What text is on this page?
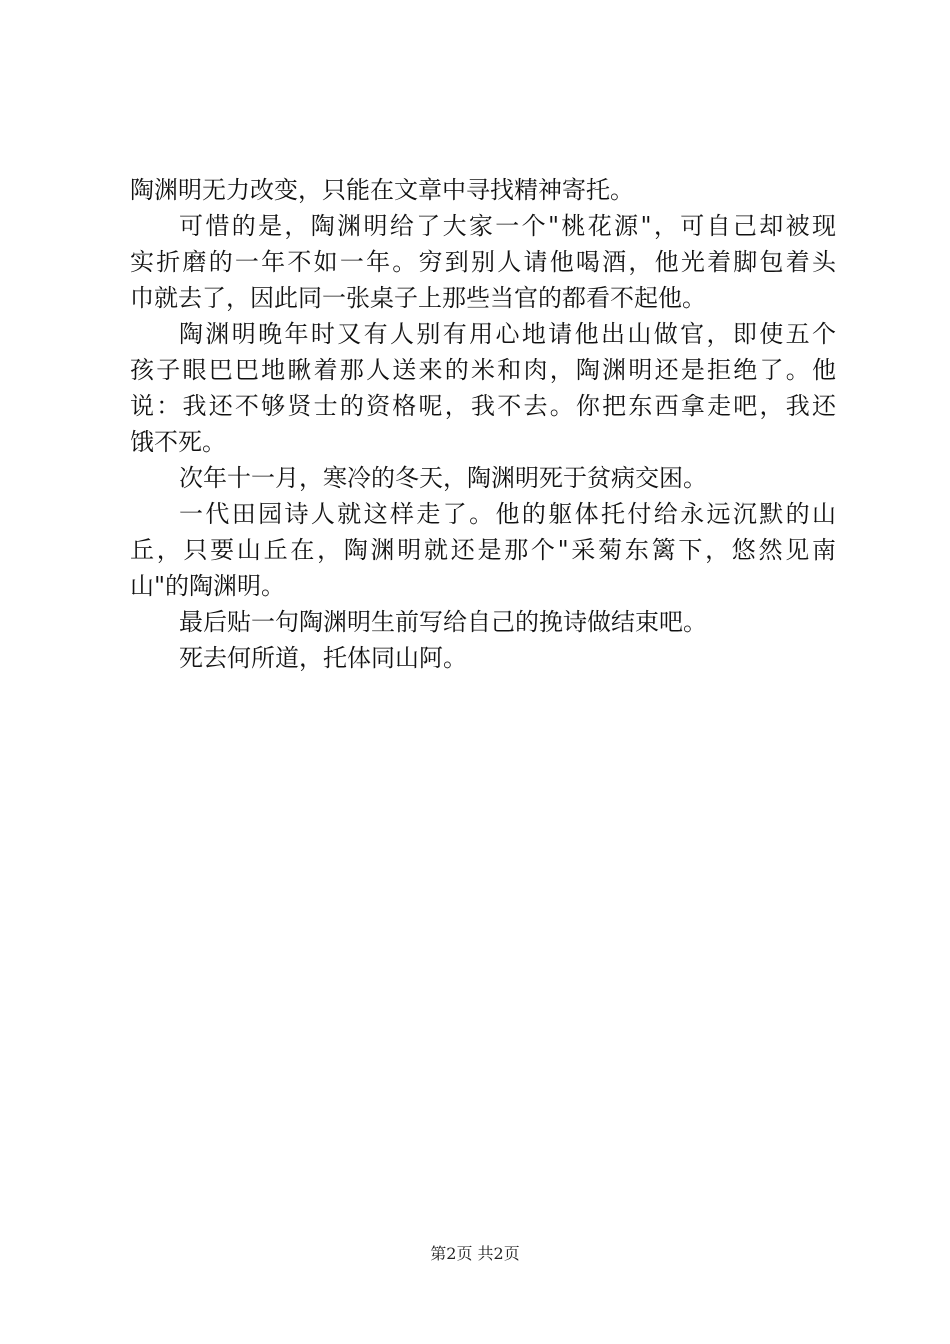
陶渊明无力改变，只能在文章中寻找精神寄托。
可惜的是，陶渊明给了大家一个"桃花源"，可自己却被现
实折磨的一年不如一年。穷到别人请他喝酒，他光着脚包着头
巾就去了，因此同一张桌子上那些当官的都看不起他。
陶渊明晚年时又有人别有用心地请他出山做官，即使五个
孩子眼巴巴地瞅着那人送来的米和肉，陶渊明还是拒绝了。他
说：我还不够贤士的资格呢，我不去。你把东西拿走吧，我还
饿不死。
次年十一月，寒冷的冬天，陶渊明死于贫病交困。
一代田园诗人就这样走了。他的躯体托付给永远沉默的山
丘，只要山丘在，陶渊明就还是那个"采菊东篱下，悠然见南
山"的陶渊明。
最后贴一句陶渊明生前写给自己的挽诗做结束吧。
死去何所道，托体同山阿。
第2页 共2页
